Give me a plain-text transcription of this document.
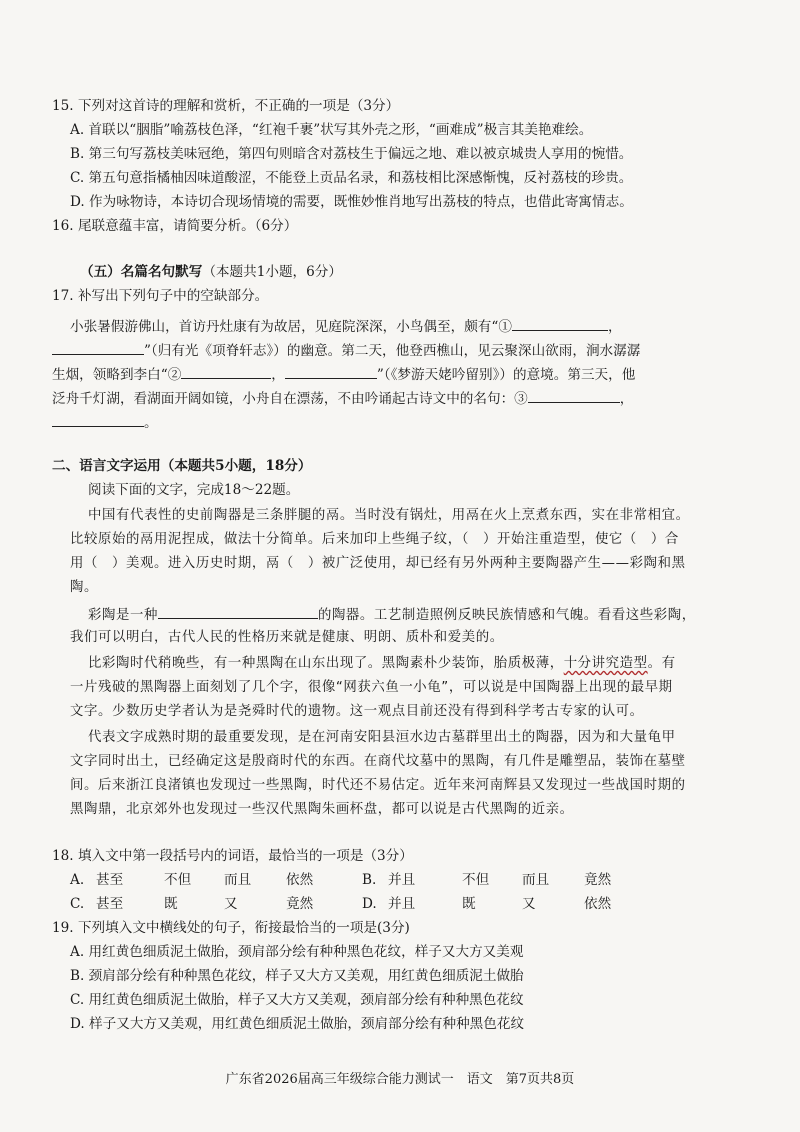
15. 下列对这首诗的理解和赏析，不正确的一项是（3分）
A. 首联以“胭脂”喻荔枝色泽，“红袍千裹”状写其外壳之形，“画难成”极言其美艳难绘。
B. 第三句写荔枝美味冠绝，第四句则暗含对荔枝生于偏远之地、难以被京城贵人享用的惋惜。
C. 第五句意指橘柚因味道酸涩，不能登上贡品名录，和荔枝相比深感惭愧，反衬荔枝的珍贵。
D. 作为咏物诗，本诗切合现场情境的需要，既惟妙惟肖地写出荔枝的特点，也借此寄寓情志。
16. 尾联意蕴丰富，请简要分析。（6分）
（五）名篇名句默写（本题共1小题，6分）
17. 补写出下列句子中的空缺部分。
小张暑假游佛山，首访丹灶康有为故居，见庭院深深，小鸟偶至，颇有“①	，
”（归有光《项脊轩志》）的幽意。第二天，他登西樵山，见云聚深山欲雨，涧水潺潺
生烟，领略到李白“②	，	”（《梦游天姥吟留别》）的意境。第三天，他
泛舟千灯湖，看湖面开阔如镜，小舟自在漂荡，不由吟诵起古诗文中的名句：③	，
。
二、语言文字运用（本题共5小题，18分）
阅读下面的文字，完成18～22题。
中国有代表性的史前陶器是三条胖腿的鬲。当时没有锅灶，用鬲在火上烹煮东西，实在非常相宜。
比较原始的鬲用泥捏成，做法十分简单。后来加印上些绳子纹，（　）开始注重造型，使它（　）合
用（　）美观。进入历史时期，鬲（　）被广泛使用，却已经有另外两种主要陶器产生——彩陶和黑
陶。
彩陶是一种	的陶器。工艺制造照例反映民族情感和气魄。看看这些彩陶，
我们可以明白，古代人民的性格历来就是健康、明朗、质朴和爱美的。
比彩陶时代稍晚些，有一种黑陶在山东出现了。黑陶素朴少装饰，胎质极薄，十分讲究造型。有
一片残破的黑陶器上面刻划了几个字，很像“网获六鱼一小龟”，可以说是中国陶器上出现的最早期
文字。少数历史学者认为是尧舜时代的遗物。这一观点目前还没有得到科学考古专家的认可。
代表文字成熟时期的最重要发现，是在河南安阳县洹水边古墓群里出土的陶器，因为和大量龟甲
文字同时出土，已经确定这是殷商时代的东西。在商代坟墓中的黑陶，有几件是雕塑品，装饰在墓壁
间。后来浙江良渚镇也发现过一些黑陶，时代还不易估定。近年来河南辉县又发现过一些战国时期的
黑陶鼎，北京郊外也发现过一些汉代黑陶朱画杯盘，都可以说是古代黑陶的近亲。
18. 填入文中第一段括号内的词语，最恰当的一项是（3分）
A. 甚至	不但 而且	依然	B. 并且	不但 而且	竟然
C. 甚至	既	又	竟然	D. 并且	既	又	依然
19. 下列填入文中横线处的句子，衔接最恰当的一项是(3分)
A. 用红黄色细质泥土做胎，颈肩部分绘有种种黑色花纹，样子又大方又美观
B. 颈肩部分绘有种种黑色花纹，样子又大方又美观，用红黄色细质泥土做胎
C. 用红黄色细质泥土做胎，样子又大方又美观，颈肩部分绘有种种黑色花纹
D. 样子又大方又美观，用红黄色细质泥土做胎，颈肩部分绘有种种黑色花纹
广东省2026届高三年级综合能力测试一　语文　第7页共8页
